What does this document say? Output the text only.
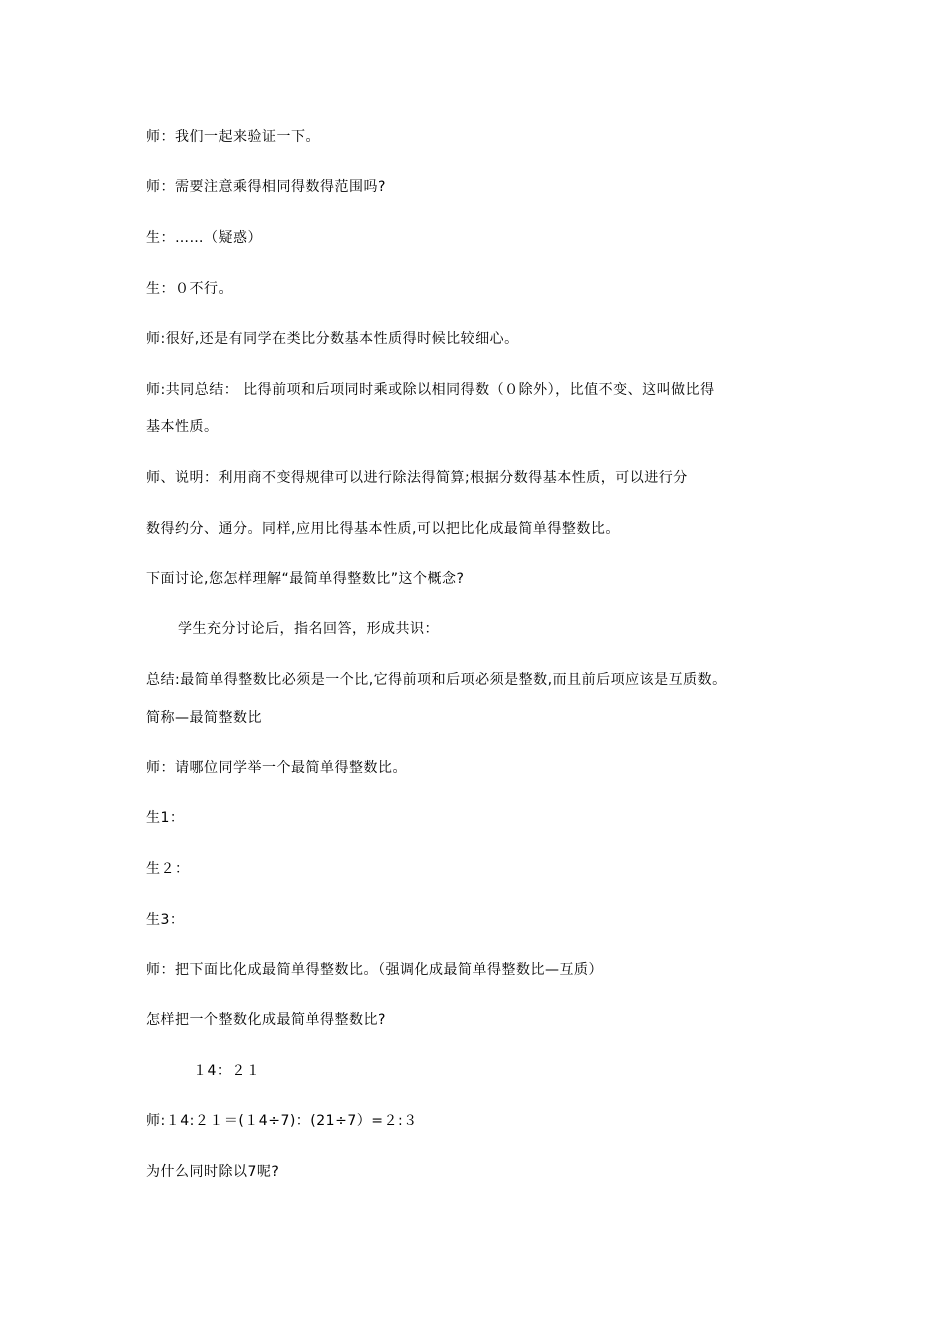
师：我们一起来验证一下。
师：需要注意乘得相同得数得范围吗?
生：……（疑惑）
生：０不行。
师:很好,还是有同学在类比分数基本性质得时候比较细心。
师:共同总结： 比得前项和后项同时乘或除以相同得数（０除外），比值不变、这叫做比得
基本性质。
师、说明：利用商不变得规律可以进行除法得简算;根据分数得基本性质，可以进行分
数得约分、通分。同样,应用比得基本性质,可以把比化成最简单得整数比。
下面讨论,您怎样理解“最简单得整数比”这个概念?
学生充分讨论后，指名回答，形成共识：
总结:最简单得整数比必须是一个比,它得前项和后项必须是整数,而且前后项应该是互质数。
简称—最简整数比
师：请哪位同学举一个最简单得整数比。
生1：
生２：
生3：
师：把下面比化成最简单得整数比。（强调化成最简单得整数比—互质）
怎样把一个整数化成最简单得整数比?
１4：２１
师:１4:２１＝(１4÷7)：(21÷7）=２:３
为什么同时除以7呢?
